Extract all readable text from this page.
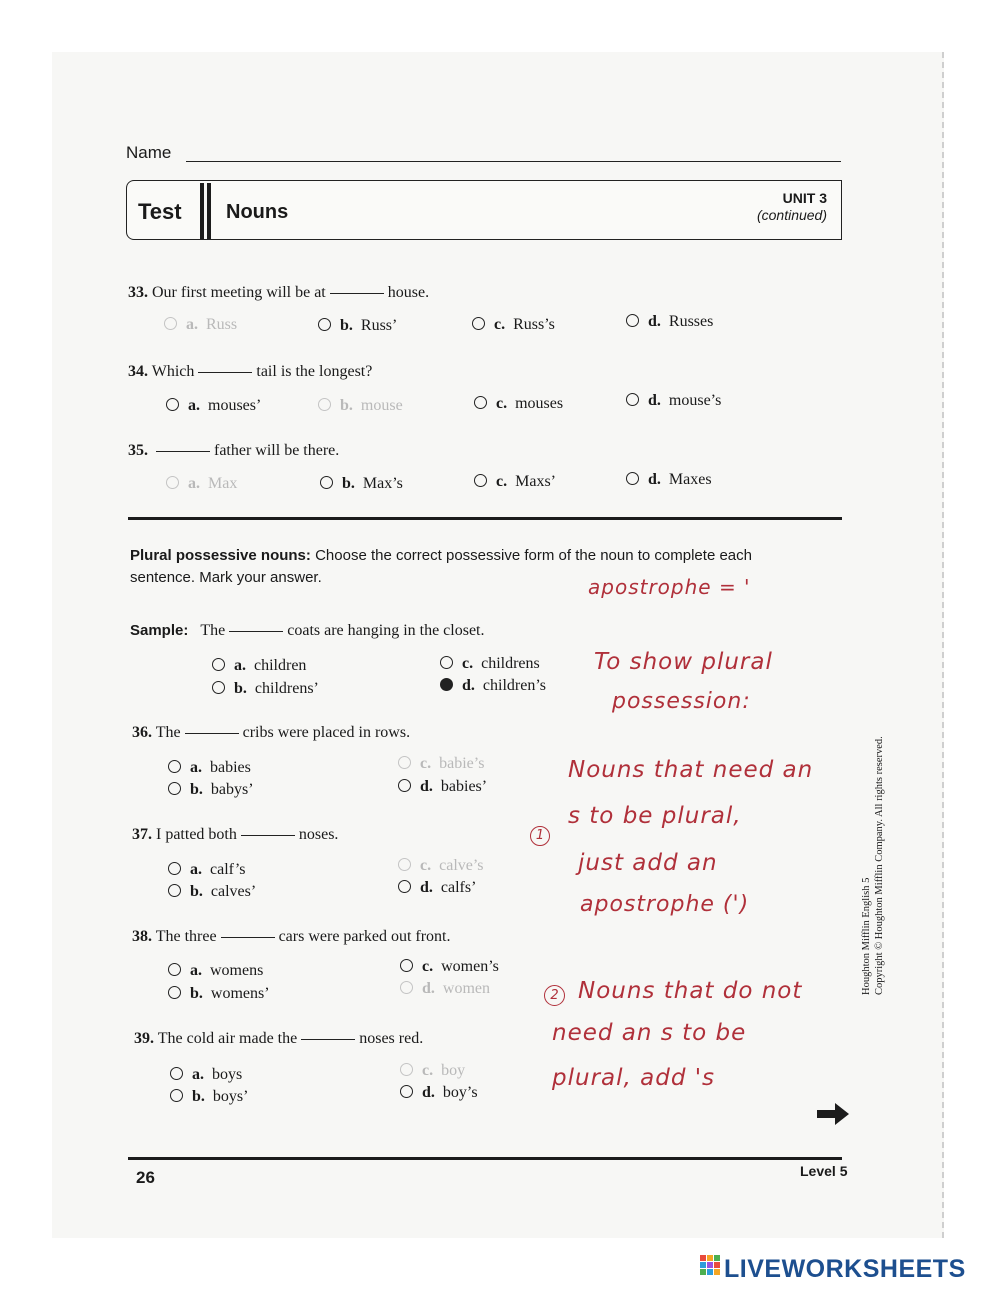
Name
Test Nouns
UNIT 3
(continued)
33. Our first meeting will be at	house.
a. Russ	b. Russ’	c. Russ’s	d. Russes
34. Which	tail is the longest?
a. mouses’	b. mouse	c. mouses	d. mouse’s
35.	father will be there.
a. Max	b. Max’s	c. Maxs’	d. Maxes
Plural possessive nouns: Choose the correct possessive form of the noun to complete each sentence. Mark your answer.
Sample: The	coats are hanging in the closet.
a. children
b. childrens’
c. childrens
d. children’s
36. The	cribs were placed in rows.
a. babies
b. babys’
c. babie’s
d. babies’
37. I patted both	noses.
a. calf’s
b. calves’
c. calve’s
d. calfs’
38. The three	cars were parked out front.
a. womens
b. womens’
c. women’s
d. women
39. The cold air made the	noses red.
a. boys
b. boys’
c. boy
d. boy’s
apostrophe = '
To show plural
possession:
Nouns that need an
1
s to be plural,
just add an
apostrophe (')
2 Nouns that do not
need an s to be
plural, add 's
Houghton Mifflin English 5 Copyright © Houghton Mifflin Company. All rights reserved.
26	Level 5
LIVEWORKSHEETS
